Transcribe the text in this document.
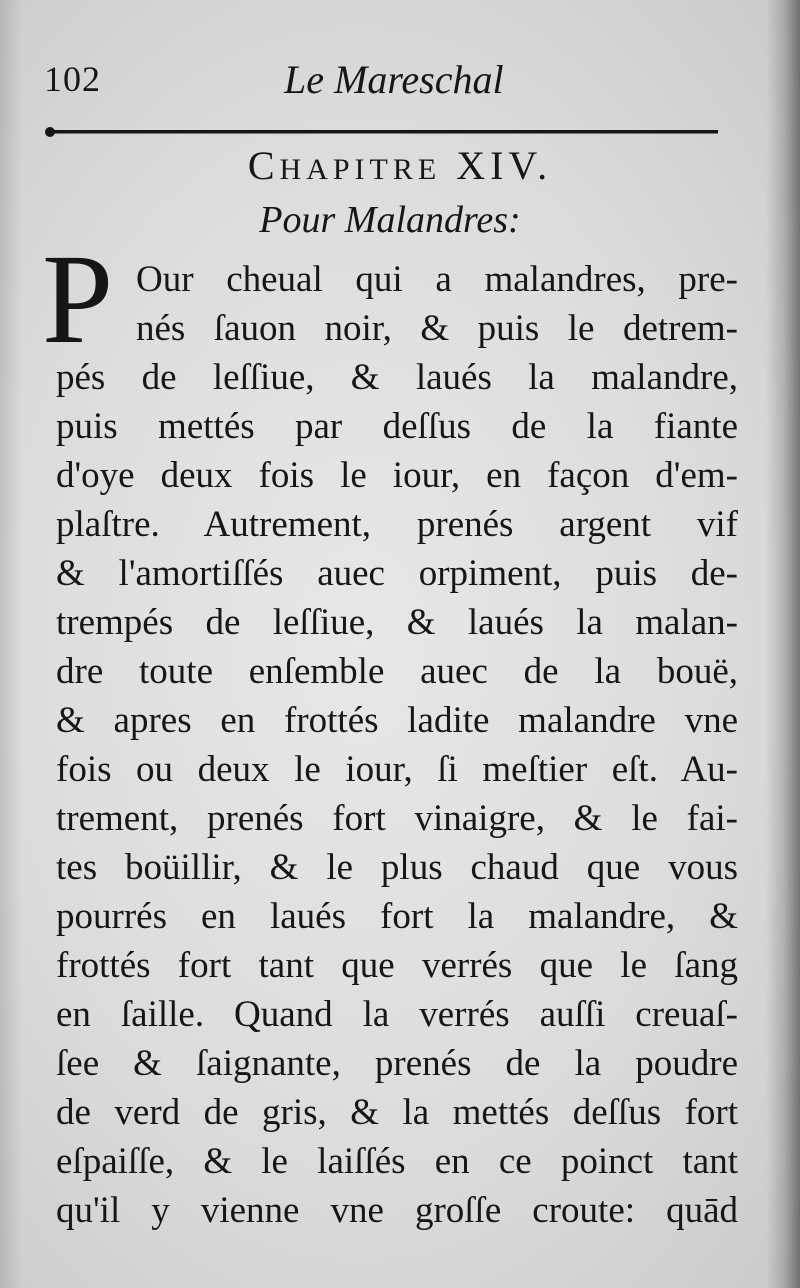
102	Le Mareschal
CHAPITRE XIV.
Pour Malandres:
P Our cheual qui a malandres, pre-
nés ſauon noir, & puis le detrem-
pés de leſſiue, & laués la malandre,
puis mettés par deſſus de la fiante
d'oye deux fois le iour, en façon d'em-
plaſtre. Autrement, prenés argent vif
& l'amortiſſés auec orpiment, puis de-
trempés de leſſiue, & laués la malan-
dre toute enſemble auec de la bouë,
& apres en frottés ladite malandre vne
fois ou deux le iour, ſi meſtier eſt. Au-
trement, prenés fort vinaigre, & le fai-
tes boüillir, & le plus chaud que vous
pourrés en laués fort la malandre, &
frottés fort tant que verrés que le ſang
en ſaille. Quand la verrés auſſi creuaſ-
ſee & ſaignante, prenés de la poudre
de verd de gris, & la mettés deſſus fort
eſpaiſſe, & le laiſſés en ce poinct tant
qu'il y vienne vne groſſe croute: quād
